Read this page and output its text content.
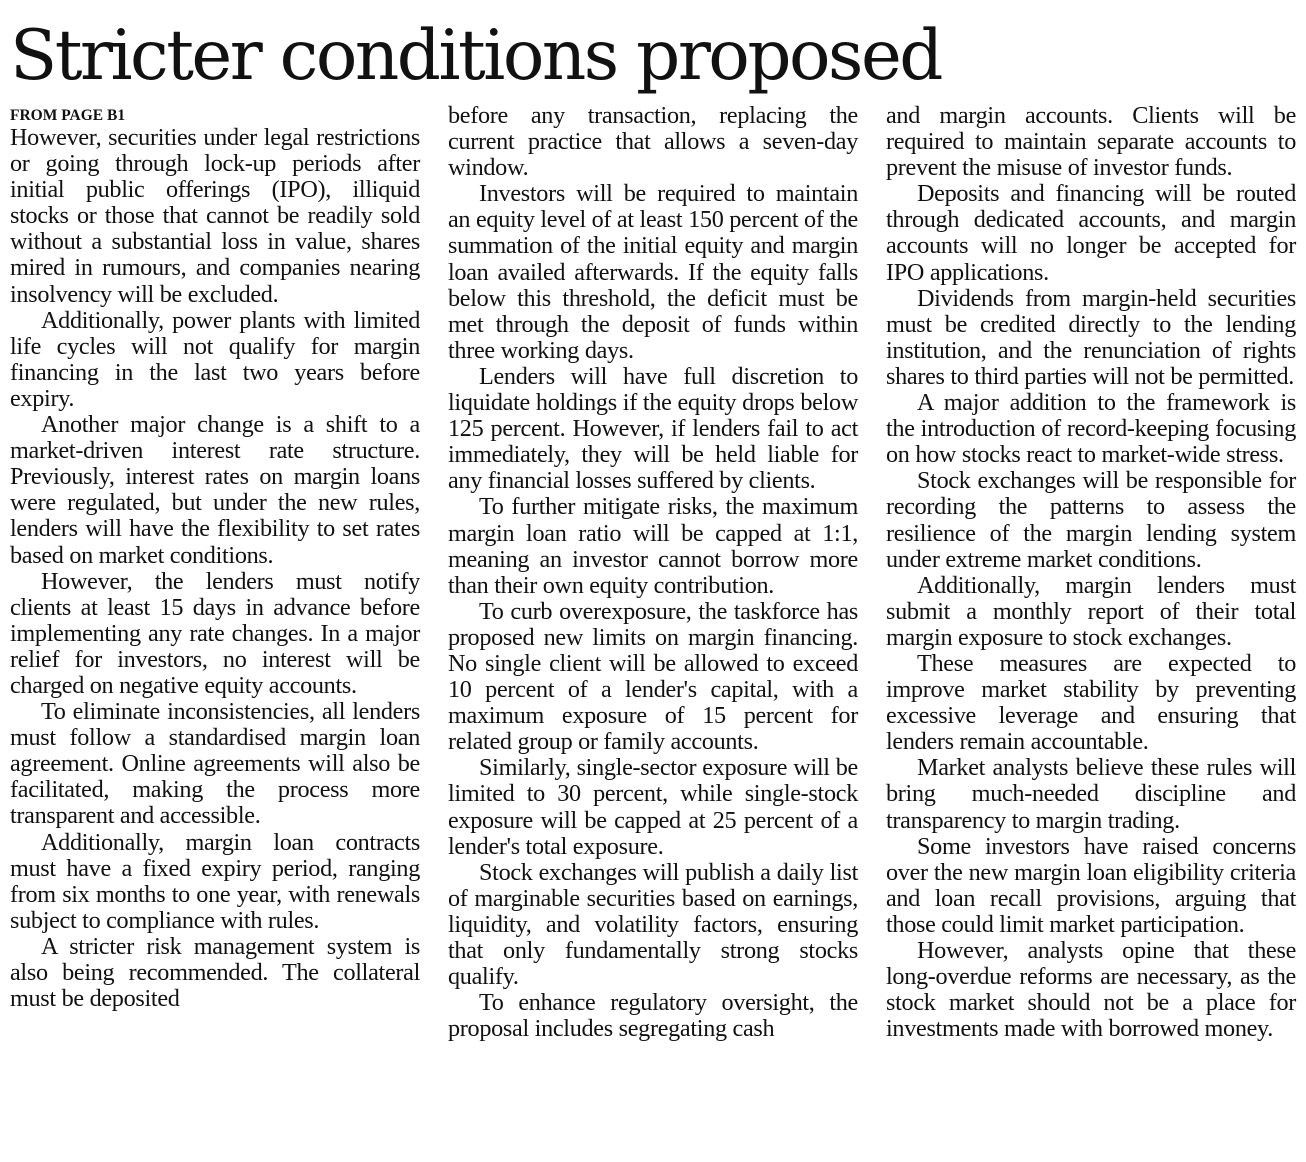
Stricter conditions proposed
FROM PAGE B1

However, securities under legal restrictions or going through lock-up periods after initial public offerings (IPO), illiquid stocks or those that cannot be readily sold without a substantial loss in value, shares mired in rumours, and companies nearing insolvency will be excluded.

Additionally, power plants with limited life cycles will not qualify for margin financing in the last two years before expiry.

Another major change is a shift to a market-driven interest rate structure. Previously, interest rates on margin loans were regulated, but under the new rules, lenders will have the flexibility to set rates based on market conditions.

However, the lenders must notify clients at least 15 days in advance before implementing any rate changes. In a major relief for investors, no interest will be charged on negative equity accounts.

To eliminate inconsistencies, all lenders must follow a standardised margin loan agreement. Online agreements will also be facilitated, making the process more transparent and accessible.

Additionally, margin loan contracts must have a fixed expiry period, ranging from six months to one year, with renewals subject to compliance with rules.

A stricter risk management system is also being recommended. The collateral must be deposited

before any transaction, replacing the current practice that allows a seven-day window.

Investors will be required to maintain an equity level of at least 150 percent of the summation of the initial equity and margin loan availed afterwards. If the equity falls below this threshold, the deficit must be met through the deposit of funds within three working days.

Lenders will have full discretion to liquidate holdings if the equity drops below 125 percent. However, if lenders fail to act immediately, they will be held liable for any financial losses suffered by clients.

To further mitigate risks, the maximum margin loan ratio will be capped at 1:1, meaning an investor cannot borrow more than their own equity contribution.

To curb overexposure, the taskforce has proposed new limits on margin financing. No single client will be allowed to exceed 10 percent of a lender's capital, with a maximum exposure of 15 percent for related group or family accounts.

Similarly, single-sector exposure will be limited to 30 percent, while single-stock exposure will be capped at 25 percent of a lender's total exposure.

Stock exchanges will publish a daily list of marginable securities based on earnings, liquidity, and volatility factors, ensuring that only fundamentally strong stocks qualify.

To enhance regulatory oversight, the proposal includes segregating cash

and margin accounts. Clients will be required to maintain separate accounts to prevent the misuse of investor funds.

Deposits and financing will be routed through dedicated accounts, and margin accounts will no longer be accepted for IPO applications.

Dividends from margin-held securities must be credited directly to the lending institution, and the renunciation of rights shares to third parties will not be permitted.

A major addition to the framework is the introduction of record-keeping focusing on how stocks react to market-wide stress.

Stock exchanges will be responsible for recording the patterns to assess the resilience of the margin lending system under extreme market conditions.

Additionally, margin lenders must submit a monthly report of their total margin exposure to stock exchanges.

These measures are expected to improve market stability by preventing excessive leverage and ensuring that lenders remain accountable.

Market analysts believe these rules will bring much-needed discipline and transparency to margin trading.

Some investors have raised concerns over the new margin loan eligibility criteria and loan recall provisions, arguing that those could limit market participation.

However, analysts opine that these long-overdue reforms are necessary, as the stock market should not be a place for investments made with borrowed money.
